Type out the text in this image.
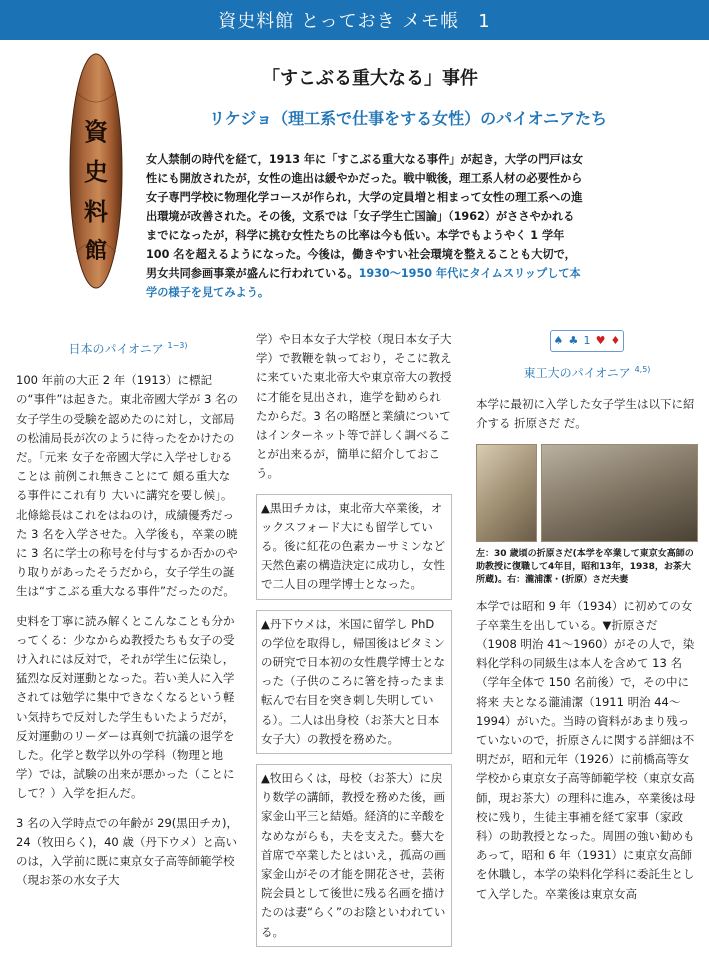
資史料館 とっておき メモ帳　1
資
史
料
館
「すこぶる重大なる」事件
リケジョ（理工系で仕事をする女性）のパイオニアたち
女人禁制の時代を経て，1913 年に「すこぶる重大なる事件」が起き，大学の門戸は女性にも開放されたが，女性の進出は緩やかだった。戦中戦後，理工系人材の必要性から女子専門学校に物理化学コースが作られ，大学の定員増と相まって女性の理工系への進出環境が改善された。その後，文系では「女子学生亡国論」（1962）がささやかれるまでになったが，科学に挑む女性たちの比率は今も低い。本学でもようやく 1 学年100 名を超えるようになった。今後は，働きやすい社会環境を整えることも大切で，男女共同参画事業が盛んに行われている。1930〜1950 年代にタイムスリップして本学の様子を見てみよう。
日本のパイオニア $^{1-3)}$

100 年前の大正 2 年（1913）に標記の“事件”は起きた。東北帝國大学が 3 名の女子学生の受験を認めたのに対し，文部局の松浦局長が次のように待ったをかけたのだ。「元来 女子を帝國大学に入学せしむることは 前例これ無きことにて 頗る重大なる事件にこれ有り 大いに講究を要し候」。北條総長はこれをはねのけ，成績優秀だった 3 名を入学させた。入学後も，卒業の暁に 3 名に学士の称号を付与するか否かのやり取りがあったそうだから，女子学生の誕生は“すこぶる重大なる事件”だったのだ。

史料を丁寧に読み解くとこんなことも分かってくる：少なからぬ教授たちも女子の受け入れには反対で，それが学生に伝染し，猛烈な反対運動となった。若い美人に入学されては勉学に集中できなくなるという軽い気持ちで反対した学生もいたようだが，反対運動のリーダーは真剣で抗議の退学をした。化学と数学以外の学科（物理と地学）では，試験の出来が悪かった（ことにして？）入学を拒んだ。

3 名の入学時点での年齢が 29(黒田チカ)，24（牧田らく)，40 歳（丹下ウメ）と高いのは，入学前に既に東京女子高等師範学校（現お茶の水女子大

学）や日本女子大学校（現日本女子大学）で教鞭を執っており，そこに教え に来ていた東北帝大や東京帝大の教授に才能を見出され，進学を勧められたからだ。3 名の略歴と業績についてはインターネット等で詳しく調べることが出来るが，簡単に紹介しておこう。

▲黒田チカは，東北帝大卒業後，オックスフォード大にも留学している。後に紅花の色素カーサミンなど天然色素の構造決定に成功し，女性で二人目の理学博士となった。
▲丹下ウメは，米国に留学し PhD の学位を取得し，帰国後はビタミンの研究で日本初の女性農学博士となった（子供のころに箸を持ったまま転んで右目を突き刺し失明している）。二人は出身校（お茶大と日本女子大）の教授を務めた。
▲牧田らくは，母校（お茶大）に戻り数学の講師，教授を務めた後，画家金山平三と結婚。経済的に辛酸をなめながらも，夫を支えた。藝大を首席で卒業したとはいえ，孤高の画家金山がその才能を開花させ，芸術院会員として後世に残る名画を描けたのは妻“らく”のお陰といわれている。
♠ ♣ 1 ♥ ♦
東工大のパイオニア $^{4,5)}$

本学に最初に入学した女子学生は以下に紹介する 折原さだ だ。

左：30 歳頃の折原さだ(本学を卒業して東京女高師の助教授に復職して4年目，昭和13年，1938，お茶大所蔵)。右：瀧浦潔・(折原）さだ夫妻

本学では昭和 9 年（1934）に初めての女子卒業生を出している。▼折原さだ（1908 明治 41〜1960）がその人で，染料化学科の同級生は本人を含めて 13 名（学年全体で 150 名前後）で，その中に 将来 夫となる瀧浦潔（1911 明治 44〜1994）がいた。当時の資料があまり残っていないので，折原さんに関する詳細は不明だが，昭和元年（1926）に前橋高等女学校から東京女子高等師範学校（東京女高師，現お茶大）の理科に進み，卒業後は母校に残り，生徒主事補を経て家事（家政科）の助教授となった。周囲の強い勧めもあって，昭和 6 年（1931）に東京女高師を休職し，本学の染料化学科に委託生として入学した。卒業後は東京女高
